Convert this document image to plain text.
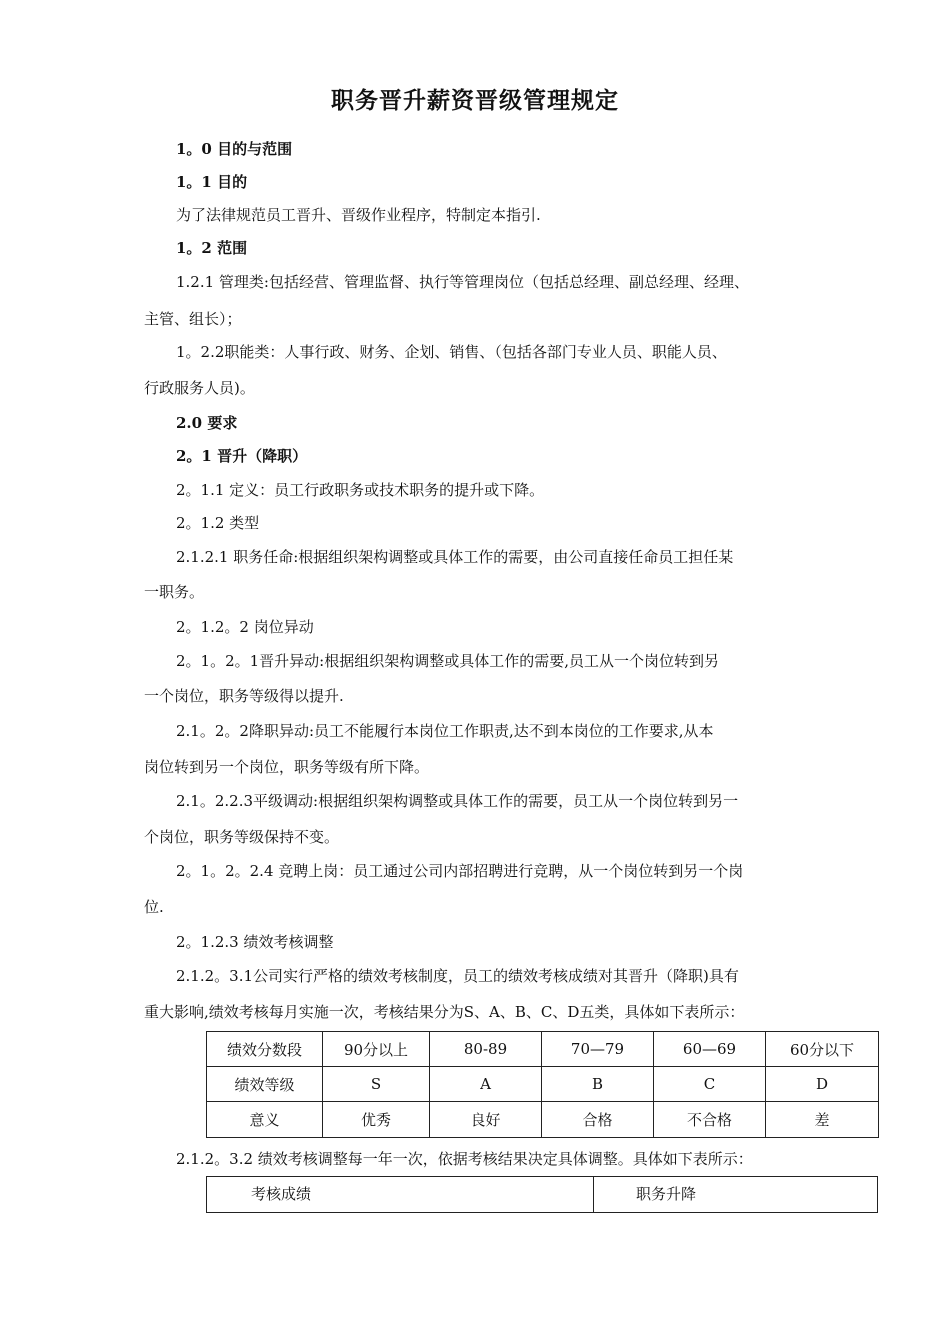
职务晋升薪资晋级管理规定
1。0 目的与范围
1。1 目的
为了法律规范员工晋升、晋级作业程序，特制定本指引.
1。2 范围
1.2.1 管理类:包括经营、管理监督、执行等管理岗位（包括总经理、副总经理、经理、
主管、组长）；
1。2.2职能类：人事行政、财务、企划、销售、（包括各部门专业人员、职能人员、
行政服务人员)。
2.0 要求
2。1 晋升（降职）
2。1.1 定义：员工行政职务或技术职务的提升或下降。
2。1.2 类型
2.1.2.1 职务任命:根据组织架构调整或具体工作的需要，由公司直接任命员工担任某
一职务。
2。1.2。2 岗位异动
2。1。2。1晋升异动:根据组织架构调整或具体工作的需要,员工从一个岗位转到另
一个岗位，职务等级得以提升.
2.1。2。2降职异动:员工不能履行本岗位工作职责,达不到本岗位的工作要求,从本
岗位转到另一个岗位，职务等级有所下降。
2.1。2.2.3平级调动:根据组织架构调整或具体工作的需要，员工从一个岗位转到另一
个岗位，职务等级保持不变。
2。1。2。2.4 竞聘上岗：员工通过公司内部招聘进行竞聘，从一个岗位转到另一个岗
位.
2。1.2.3 绩效考核调整
2.1.2。3.1公司实行严格的绩效考核制度，员工的绩效考核成绩对其晋升（降职)具有
重大影响,绩效考核每月实施一次，考核结果分为S、A、B、C、D五类，具体如下表所示：
绩效分数段	90分以上	80-89	70—79	60—69	60分以下
绩效等级	S	A	B	C	D
意义	优秀	良好	合格	不合格	差
2.1.2。3.2 绩效考核调整每一年一次，依据考核结果决定具体调整。具体如下表所示：
考核成绩	职务升降
